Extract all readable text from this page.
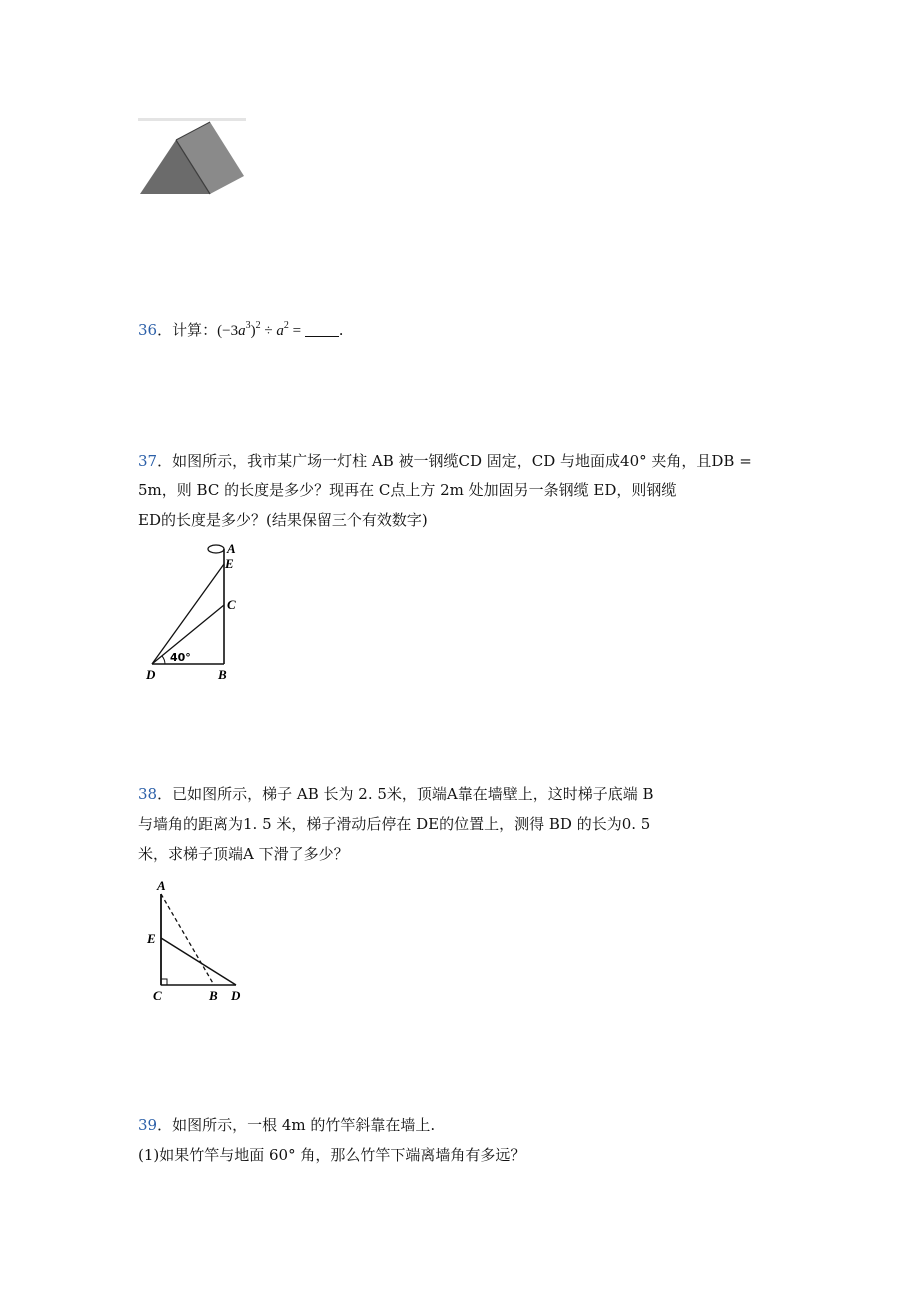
36．计算：$(-3a^3)^2 \div a^2$ =	.
37．如图所示，我市某广场一灯柱 AB 被一钢缆CD 固定，CD 与地面成40° 夹角，且DB =
5m，则 BC 的长度是多少？现再在 C点上方 2m 处加固另一条钢缆 ED，则钢缆
ED的长度是多少？(结果保留三个有效数字)
A
E
C
D	B
40°
38．已如图所示，梯子 AB 长为 2. 5米，顶端A靠在墙壁上，这时梯子底端 B
与墙角的距离为1. 5 米，梯子滑动后停在 DE的位置上，测得 BD 的长为0. 5
米，求梯子顶端A 下滑了多少？
A
E
C	B D
39．如图所示，一根 4m 的竹竿斜靠在墙上.
(1)如果竹竿与地面 60° 角，那么竹竿下端离墙角有多远？
